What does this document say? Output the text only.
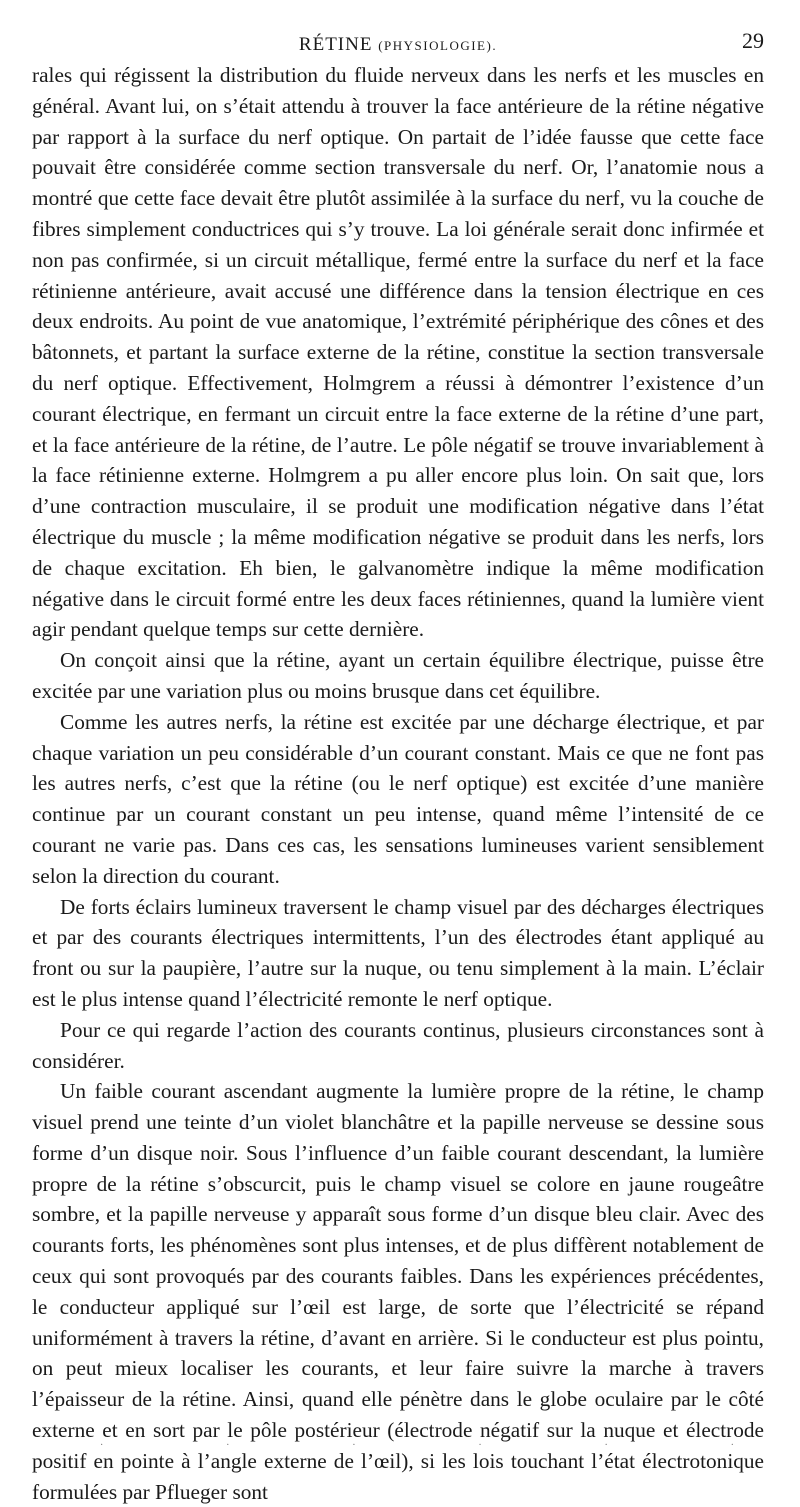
RÉTINE (PHYSIOLOGIE).	29

rales qui régissent la distribution du fluide nerveux dans les nerfs et les muscles en général. Avant lui, on s’était attendu à trouver la face antérieure de la rétine négative par rapport à la surface du nerf optique. On partait de l’idée fausse que cette face pouvait être considérée comme section transversale du nerf. Or, l’anatomie nous a montré que cette face devait être plutôt assimilée à la surface du nerf, vu la couche de fibres simplement conductrices qui s’y trouve. La loi générale serait donc infirmée et non pas confirmée, si un circuit métallique, fermé entre la surface du nerf et la face rétinienne antérieure, avait accusé une différence dans la tension électrique en ces deux endroits. Au point de vue anatomique, l’extrémité périphérique des cônes et des bâtonnets, et partant la surface externe de la rétine, constitue la section transversale du nerf optique. Effectivement, Holmgrem a réussi à démontrer l’existence d’un courant électrique, en fermant un circuit entre la face externe de la rétine d’une part, et la face antérieure de la rétine, de l’autre. Le pôle négatif se trouve invariablement à la face rétinienne externe. Holmgrem a pu aller encore plus loin. On sait que, lors d’une contraction musculaire, il se produit une modification négative dans l’état électrique du muscle ; la même modification négative se produit dans les nerfs, lors de chaque excitation. Eh bien, le galvanomètre indique la même modification négative dans le circuit formé entre les deux faces rétiniennes, quand la lumière vient agir pendant quelque temps sur cette dernière.

On conçoit ainsi que la rétine, ayant un certain équilibre électrique, puisse être excitée par une variation plus ou moins brusque dans cet équilibre.

Comme les autres nerfs, la rétine est excitée par une décharge électrique, et par chaque variation un peu considérable d’un courant constant. Mais ce que ne font pas les autres nerfs, c’est que la rétine (ou le nerf optique) est excitée d’une manière continue par un courant constant un peu intense, quand même l’intensité de ce courant ne varie pas. Dans ces cas, les sensations lumineuses varient sensiblement selon la direction du courant.

De forts éclairs lumineux traversent le champ visuel par des décharges électriques et par des courants électriques intermittents, l’un des électrodes étant appliqué au front ou sur la paupière, l’autre sur la nuque, ou tenu simplement à la main. L’éclair est le plus intense quand l’électricité remonte le nerf optique.

Pour ce qui regarde l’action des courants continus, plusieurs circonstances sont à considérer.

Un faible courant ascendant augmente la lumière propre de la rétine, le champ visuel prend une teinte d’un violet blanchâtre et la papille nerveuse se dessine sous forme d’un disque noir. Sous l’influence d’un faible courant descendant, la lumière propre de la rétine s’obscurcit, puis le champ visuel se colore en jaune rougeâtre sombre, et la papille nerveuse y apparaît sous forme d’un disque bleu clair. Avec des courants forts, les phénomènes sont plus intenses, et de plus diffèrent notablement de ceux qui sont provoqués par des courants faibles. Dans les expériences précédentes, le conducteur appliqué sur l’œil est large, de sorte que l’électricité se répand uniformément à travers la rétine, d’avant en arrière. Si le conducteur est plus pointu, on peut mieux localiser les courants, et leur faire suivre la marche à travers l’épaisseur de la rétine. Ainsi, quand elle pénètre dans le globe oculaire par le côté externe et en sort par le pôle postérieur (électrode négatif sur la nuque et électrode positif en pointe à l’angle externe de l’œil), si les lois touchant l’état électrotonique formulées par Pflueger sont

·	·	·	·	·	·
